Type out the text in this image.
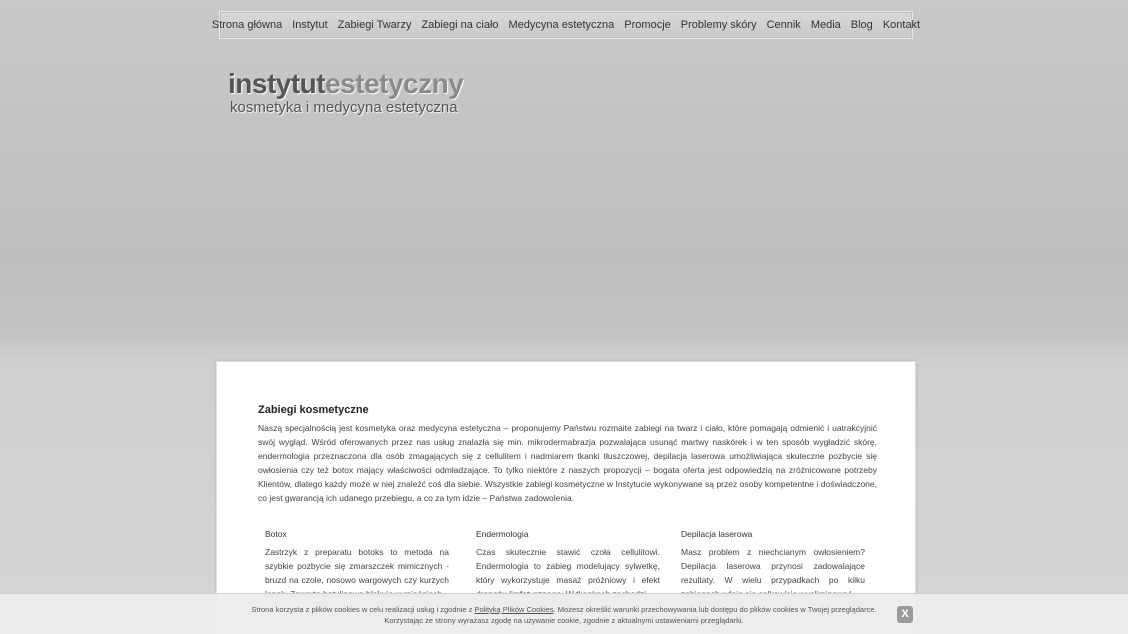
Strona główna Instytut Zabiegi Twarzy Zabiegi na ciało Medycyna estetyczna Promocje Problemy skóry Cennik Media Blog Kontakt
instytutestetyczny
kosmetyka i medycyna estetyczna
Zabiegi kosmetyczne

Naszą specjalnością jest kosmetyka oraz medycyna estetyczna – proponujemy Państwu rozmaite zabiegi na twarz i ciało, które pomagają odmienić i uatrakcyjnić swój wygląd. Wśród oferowanych przez nas usług znalazła się min. mikrodermabrazja pozwalająca usunąć martwy naskórek i w ten sposób wygładzić skórę, endermologia przeznaczona dla osób zmagających się z cellulitem i nadmiarem tkanki tłuszczowej, depilacja laserowa umożliwiająca skuteczne pozbycie się owłosienia czy też botox mający właściwości odmładzające. To tylko niektóre z naszych propozycji – bogata oferta jest odpowiedzią na zróżnicowane potrzeby Klientów, dlatego każdy może w niej znaleźć coś dla siebie. Wszystkie zabiegi kosmetyczne w Instytucie wykonywane są przez osoby kompetentne i doświadczone, co jest gwarancją ich udanego przebiegu, a co za tym idzie – Państwa zadowolenia.

Botox

Zastrzyk z preparatu botoks to metoda na szybkie pozbycie się zmarszczek mimicznych - bruzd na czole, nosowo wargowych czy kurzych

Endermologia

Czas skutecznie stawić czoła cellulitowi. Endermologia to zabieg modelujący sylwetkę, który wykorzystuje masaż próżniowy i efekt

Depilacja laserowa

Masz problem z niechcianym owłosieniem? Depilacja laserowa przynosi zadowalające rezultaty. W wielu przypadkach po kilku

Strona korzysta z plików cookies w celu realizacji usług i zgodnie z Polityką Plików Cookies. Możesz określić warunki przechowywania lub dostępu do plików cookies w Twojej przeglądarce.
Korzystając ze strony wyrażasz zgodę na używanie cookie, zgodnie z aktualnymi ustawieniami przeglądarki.
X
